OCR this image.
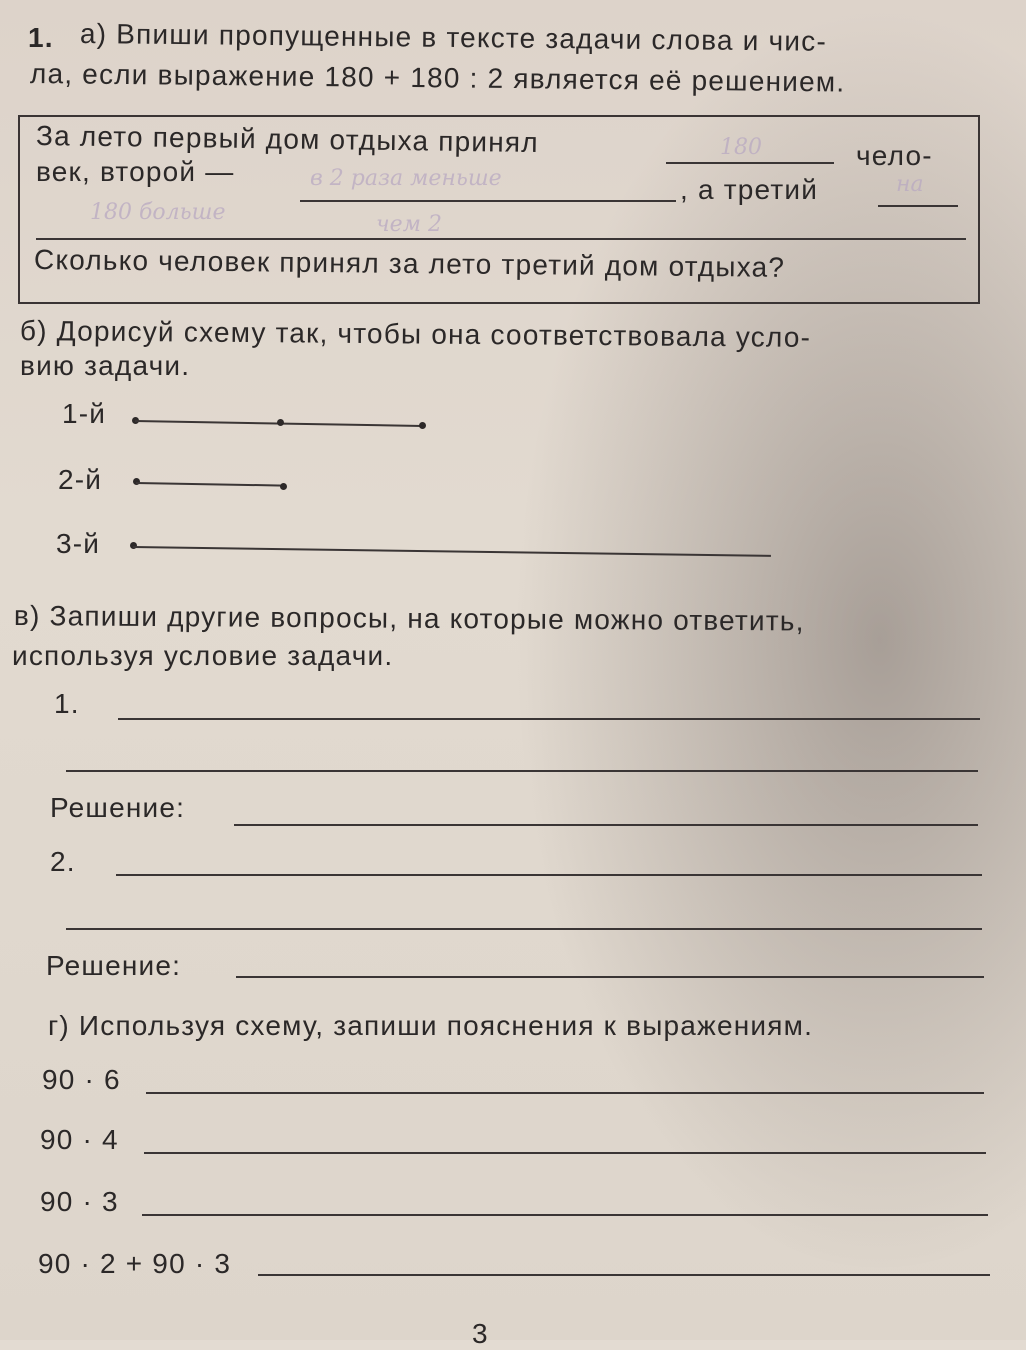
1. а) Впиши пропущенные в тексте задачи слова и чис-
ла, если выражение 180 + 180 : 2 является её решением.
За лето первый дом отдыха принял	180	чело-
век, второй —	в 2 раза меньше	, а третий	на
180 больше	чем 2
Сколько человек принял за лето третий дом отдыха?
б) Дорисуй схему так, чтобы она соответствовала усло-
вию задачи.
1-й
2-й
3-й
в) Запиши другие вопросы, на которые можно ответить,
используя условие задачи.
1.
Решение:
2.
Решение:
г) Используя схему, запиши пояснения к выражениям.
90 · 6
90 · 4
90 · 3
90 · 2 + 90 · 3
3
